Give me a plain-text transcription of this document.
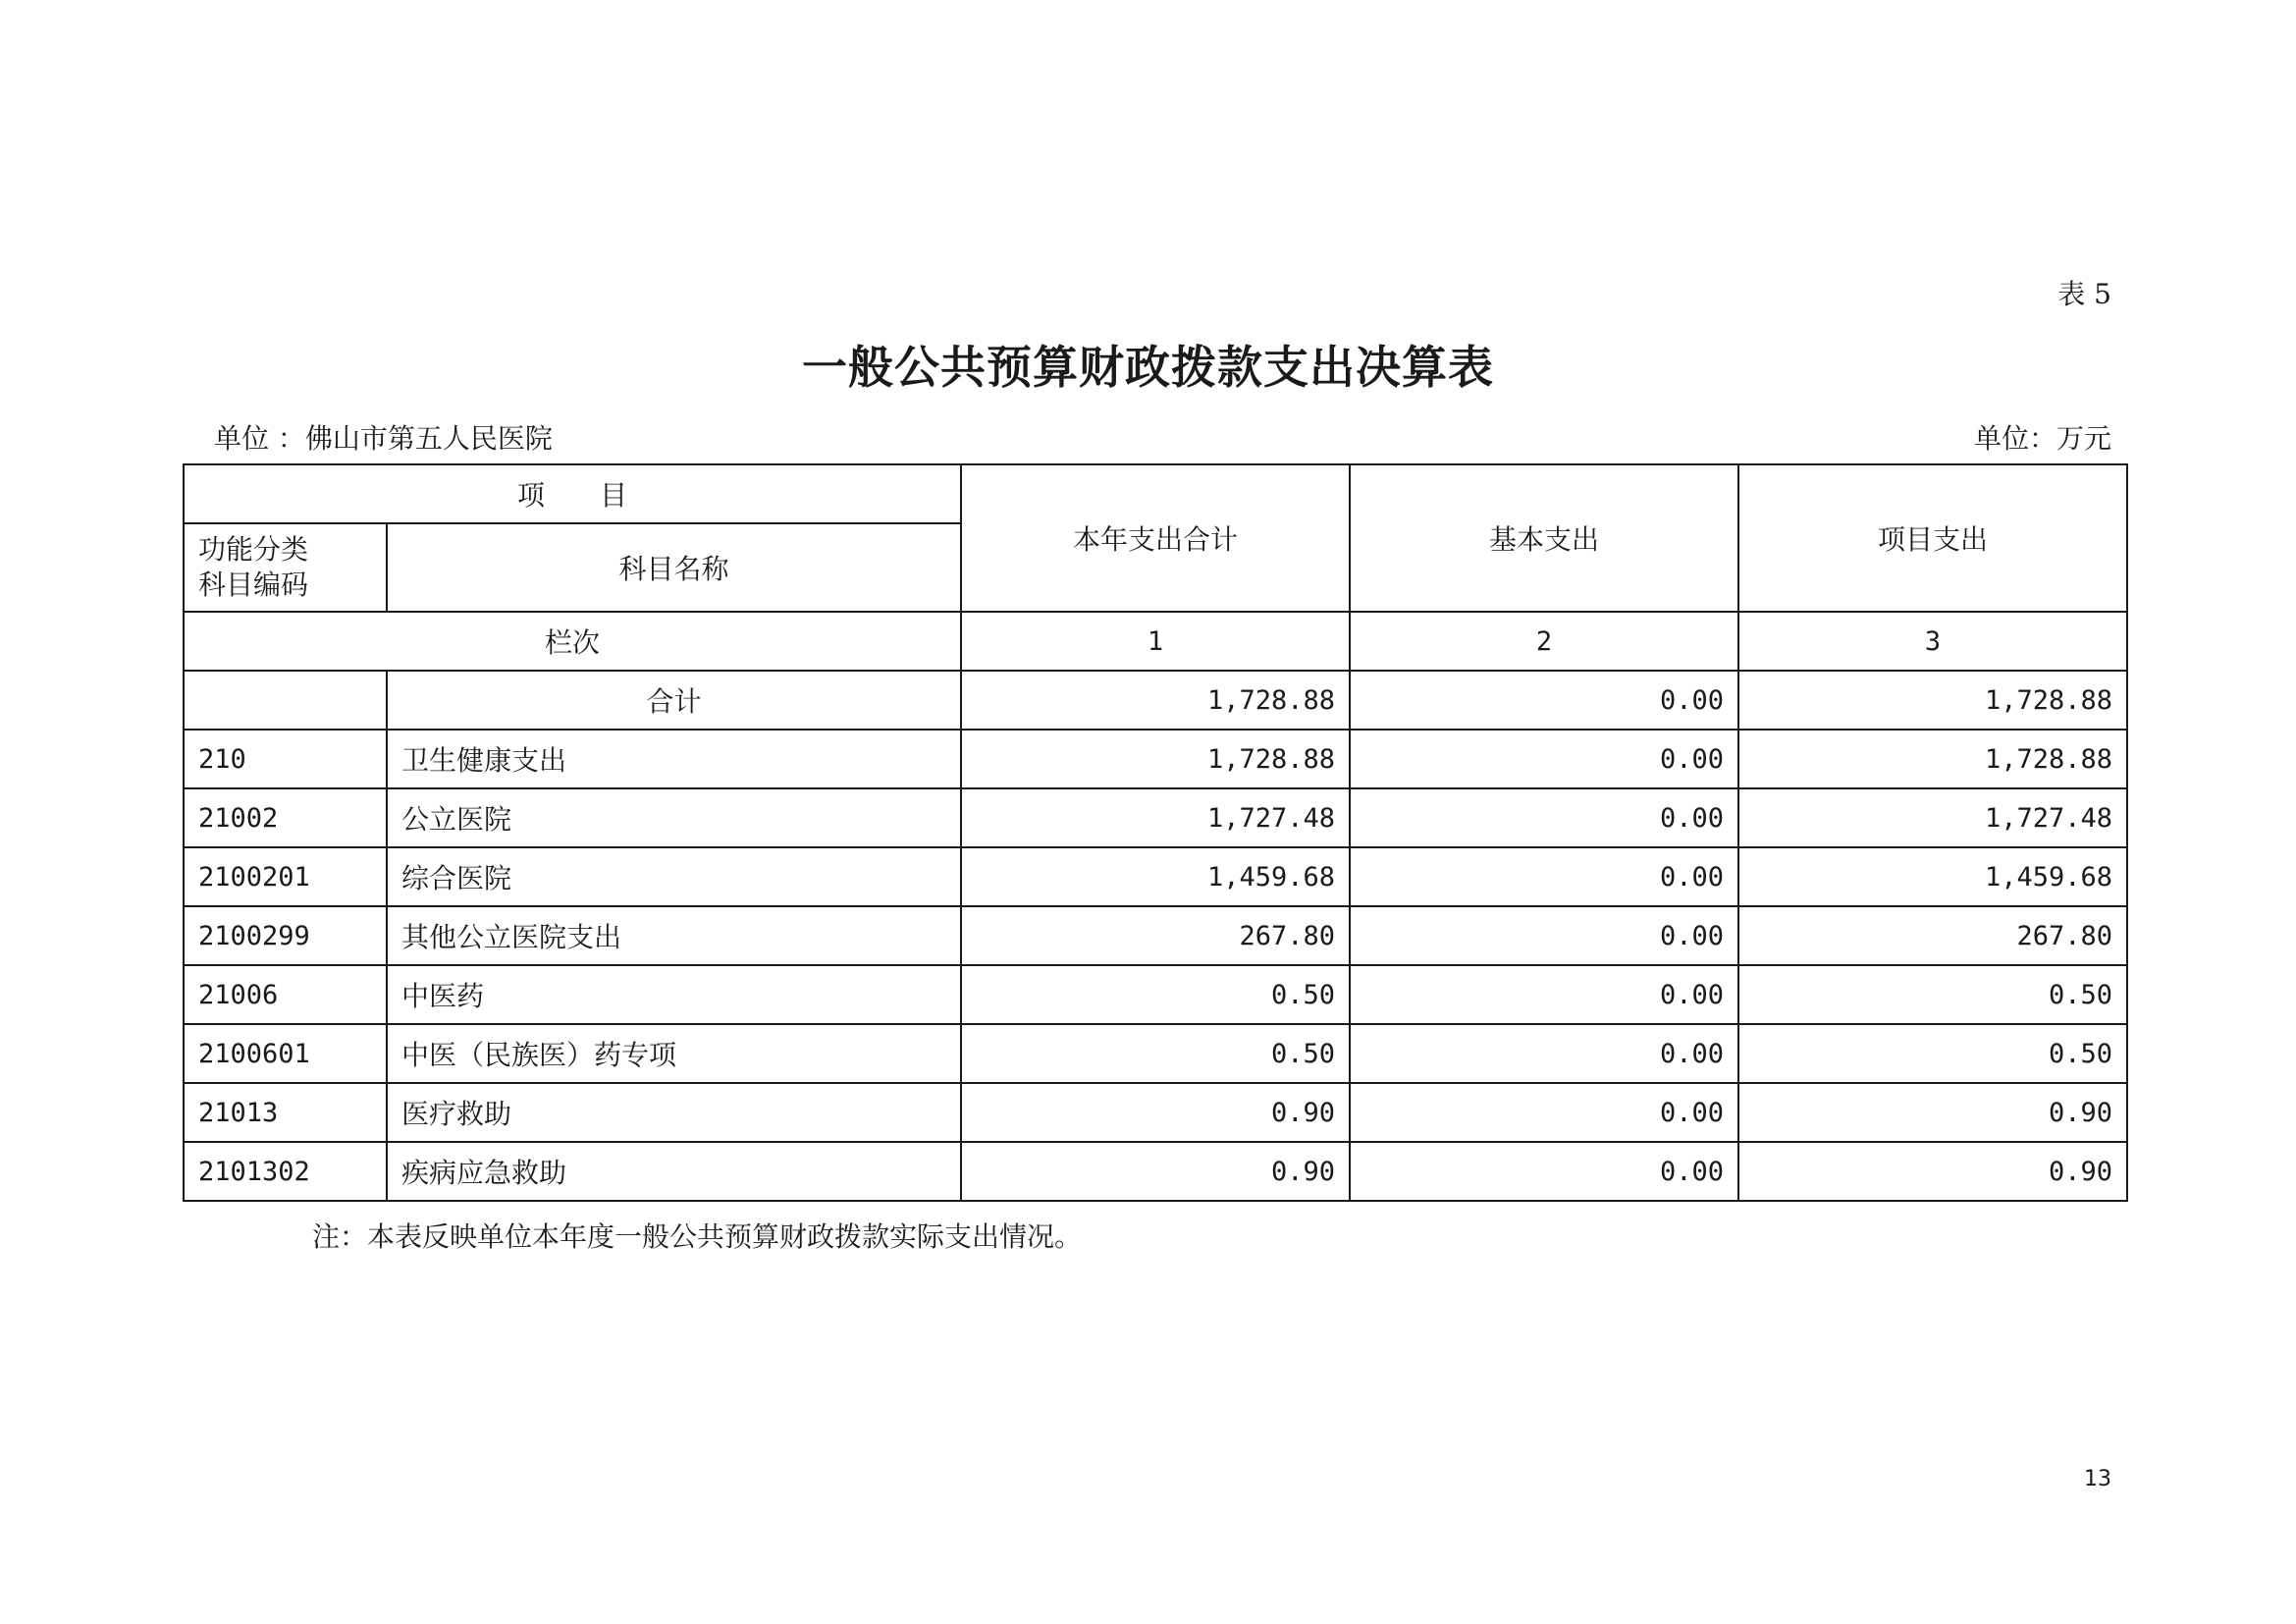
表 5
一般公共预算财政拨款支出决算表
单位 ：佛山市第五人民医院	单位：万元
项　　目		本年支出合计	基本支出	项目支出

功能分类
科目编码	科目名称			
栏次		1	2	3
	合计	1,728.88	0.00	1,728.88
210	卫生健康支出	1,728.88	0.00	1,728.88
21002	公立医院	1,727.48	0.00	1,727.48
2100201	综合医院	1,459.68	0.00	1,459.68
2100299	其他公立医院支出	267.80	0.00	267.80
21006	中医药	0.50	0.00	0.50
2100601	中医（民族医）药专项	0.50	0.00	0.50
21013	医疗救助	0.90	0.00	0.90
2101302	疾病应急救助	0.90	0.00	0.90
注：本表反映单位本年度一般公共预算财政拨款实际支出情况。
13
